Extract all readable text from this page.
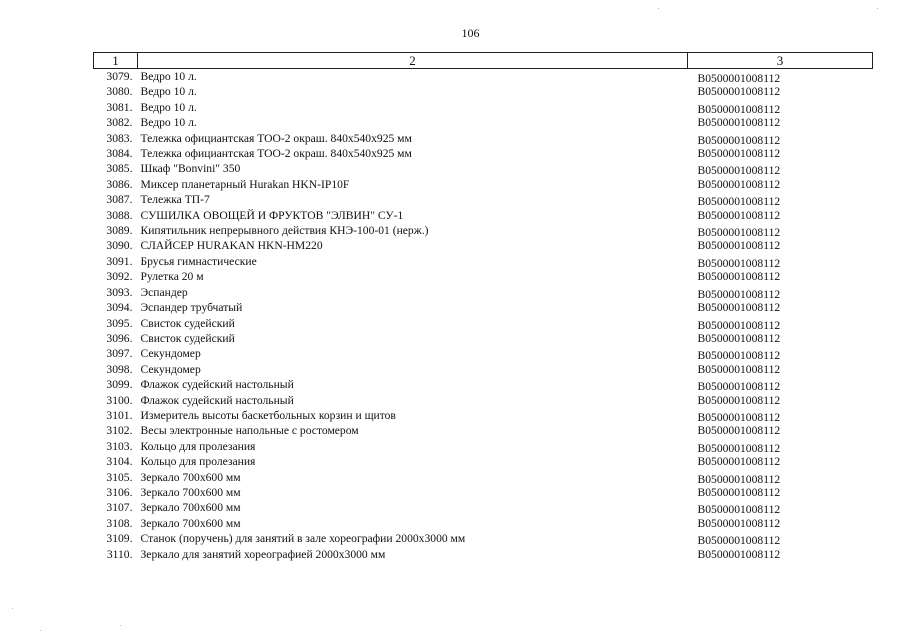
106
1	2	3
3079.	Ведро 10 л.	B0500001008112
3080.	Ведро 10 л.	B0500001008112
3081.	Ведро 10 л.	B0500001008112
3082.	Ведро 10 л.	B0500001008112
3083.	Тележка официантская ТОО-2 окраш. 840х540х925 мм	B0500001008112
3084.	Тележка официантская ТОО-2 окраш. 840х540х925 мм	B0500001008112
3085.	Шкаф "Bonvini" 350	B0500001008112
3086.	Миксер планетарный Hurakan HKN-IP10F	B0500001008112
3087.	Тележка ТП-7	B0500001008112
3088.	СУШИЛКА ОВОЩЕЙ И ФРУКТОВ "ЭЛВИН" СУ-1	B0500001008112
3089.	Кипятильник непрерывного действия КНЭ-100-01 (нерж.)	B0500001008112
3090.	СЛАЙСЕР HURAKAN HKN-HM220	B0500001008112
3091.	Брусья гимнастические	B0500001008112
3092.	Рулетка 20 м	B0500001008112
3093.	Эспандер	B0500001008112
3094.	Эспандер трубчатый	B0500001008112
3095.	Свисток судейский	B0500001008112
3096.	Свисток судейский	B0500001008112
3097.	Секундомер	B0500001008112
3098.	Секундомер	B0500001008112
3099.	Флажок судейский настольный	B0500001008112
3100.	Флажок судейский настольный	B0500001008112
3101.	Измеритель высоты баскетбольных корзин и щитов	B0500001008112
3102.	Весы электронные напольные с ростомером	B0500001008112
3103.	Кольцо для пролезания	B0500001008112
3104.	Кольцо для пролезания	B0500001008112
3105.	Зеркало 700х600 мм	B0500001008112
3106.	Зеркало 700х600 мм	B0500001008112
3107.	Зеркало 700х600 мм	B0500001008112
3108.	Зеркало 700х600 мм	B0500001008112
3109.	Станок (поручень) для занятий в зале хореографии 2000х3000 мм	B0500001008112
3110.	Зеркало для занятий хореографией 2000х3000 мм	B0500001008112
